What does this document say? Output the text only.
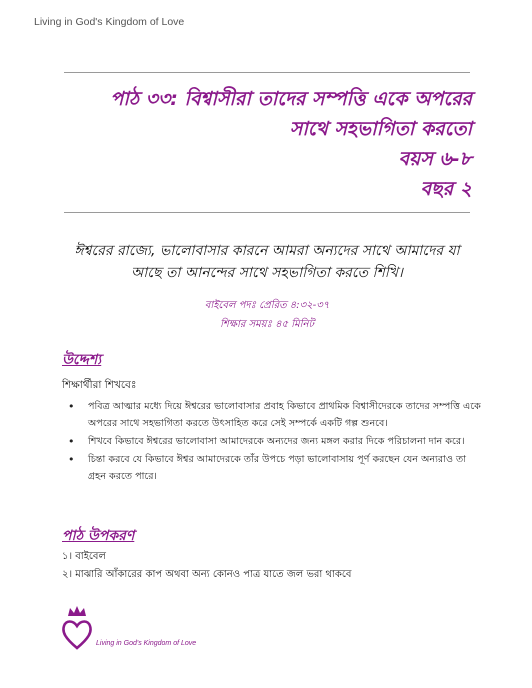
Living in God's Kingdom of Love
পাঠ ৩৩: বিশ্বাসীরা তাদের সম্পত্তি একে অপরের
সাথে সহভাগিতা করতো
বয়স ৬-৮
বছর ২
ঈশ্বরের রাজ্যে, ভালোবাসার কারনে আমরা অন্যদের সাথে আমাদের যা আছে তা আনন্দের সাথে সহভাগিতা করতে শিখি।
বাইবেল পদঃ প্রেরিত ৪:৩২-৩৭
শিক্ষার সময়ঃ ৪৫ মিনিট
উদ্দেশ্য
শিক্ষার্থীরা শিখবেঃ
• পবিত্র আত্মার মধ্যে দিয়ে ঈশ্বরের ভালোবাসার প্রবাহ কিভাবে প্রাথমিক বিশ্বাসীদেরকে তাদের সম্পত্তি একে অপরের সাথে সহভাগিতা করতে উৎসাহিত করে সেই সম্পর্কে একটি গল্প শুনবে।
• শিখবে কিভাবে ঈশ্বরের ভালোবাসা আমাদেরকে অন্যদের জন্য মঙ্গল করার দিকে পরিচালনা দান করে।
• চিন্তা করবে যে কিভাবে ঈশ্বর আমাদেরকে তাঁর উপচে পড়া ভালোবাসায় পূর্ণ করছেন যেন অন্যরাও তা গ্রহন করতে পারে।
পাঠ উপকরণ
১। বাইবেল
২। মাঝারি আঁকারের কাপ অথবা অন্য কোনও পাত্র যাতে জল ভরা থাকবে
Living in God's Kingdom of Love
